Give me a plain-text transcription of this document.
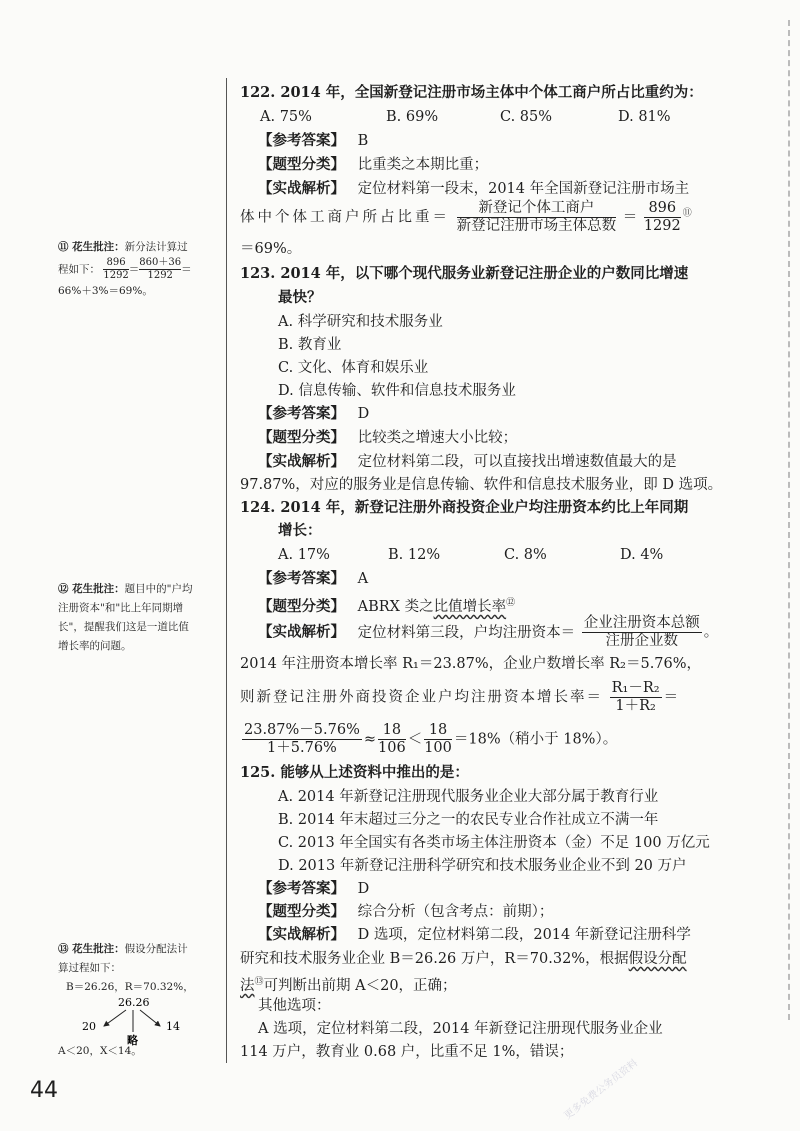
122. 2014 年，全国新登记注册市场主体中个体工商户所占比重约为：
A. 75%	B. 69%	C. 85%	D. 81%
【参考答案】 B
【题型分类】 比重类之本期比重；
【实战解析】 定位材料第一段末，2014 年全国新登记注册市场主
体中个体工商户所占比重＝ $\frac{\text{新登记个体工商户}}{\text{新登记注册市场主体总数}} = \frac{896}{1292} ^⑪$
＝69%。
123. 2014 年，以下哪个现代服务业新登记注册企业的户数同比增速
最快？
A. 科学研究和技术服务业
B. 教育业
C. 文化、体育和娱乐业
D. 信息传输、软件和信息技术服务业
【参考答案】 D
【题型分类】 比较类之增速大小比较；
【实战解析】 定位材料第二段，可以直接找出增速数值最大的是
97.87%，对应的服务业是信息传输、软件和信息技术服务业，即 D 选项。
124. 2014 年，新登记注册外商投资企业户均注册资本约比上年同期
增长：
A. 17%	B. 12%	C. 8%	D. 4%
【参考答案】 A
【题型分类】 ABRX 类之比值增长率⑫
【实战解析】 定位材料第三段，户均注册资本＝ $\frac{\text{企业注册资本总额}}{\text{注册企业数}}$ 。
2014 年注册资本增长率 R₁＝23.87%，企业户数增长率 R₂＝5.76%，
则新登记注册外商投资企业户均注册资本增长率＝ $\frac{\text{R₁－R₂}}{\text{1＋R₂}}$ ＝
$\frac{23.87\%-5.76\%}{1+5.76\%} \approx \frac{18}{106} < \frac{18}{100} =18\%$（稍小于 18%）。
125. 能够从上述资料中推出的是：
A. 2014 年新登记注册现代服务业企业大部分属于教育行业
B. 2014 年末超过三分之一的农民专业合作社成立不满一年
C. 2013 年全国实有各类市场主体注册资本（金）不足 100 万亿元
D. 2013 年新登记注册科学研究和技术服务业企业不到 20 万户
【参考答案】 D
【题型分类】 综合分析（包含考点：前期）；
【实战解析】 D 选项，定位材料第二段，2014 年新登记注册科学
研究和技术服务业企业 B＝26.26 万户，R＝70.32%，根据假设分配
法⑬可判断出前期 A＜20，正确；
其他选项：
A 选项，定位材料第二段，2014 年新登记注册现代服务业企业
114 万户，教育业 0.68 户，比重不足 1%，错误；
⑪ 花生批注：新分法计算过
程如下： $\frac{896}{1292} = \frac{860+36}{1292}$ ＝
66%＋3%＝69%。
⑫ 花生批注：题目中的"户均
注册资本"和"比上年同期增
长"，提醒我们这是一道比值
增长率的问题。
⑬ 花生批注：假设分配法计
算过程如下：
B＝26.26，R＝70.32%，
26.26
20
略
14
A＜20，X＜14。
44	更多免费公务员资料
